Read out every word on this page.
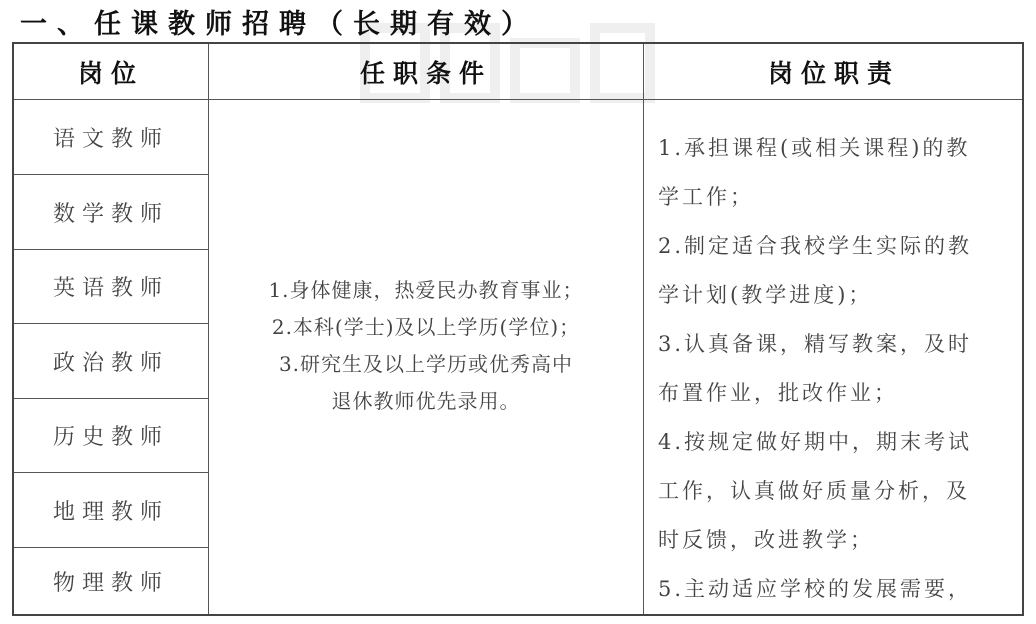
一、任课教师招聘（长期有效）
岗位	任职条件	岗位职责
语文教师
数学教师
英语教师
政治教师
历史教师
地理教师
物理教师
1.身体健康，热爱民办教育事业；
2.本科(学士)及以上学历(学位)；
3.研究生及以上学历或优秀高中
退休教师优先录用。
1.承担课程(或相关课程)的教
学工作；
2.制定适合我校学生实际的教
学计划(教学进度)；
3.认真备课，精写教案，及时
布置作业，批改作业；
4.按规定做好期中，期末考试
工作，认真做好质量分析，及
时反馈，改进教学；
5.主动适应学校的发展需要，
